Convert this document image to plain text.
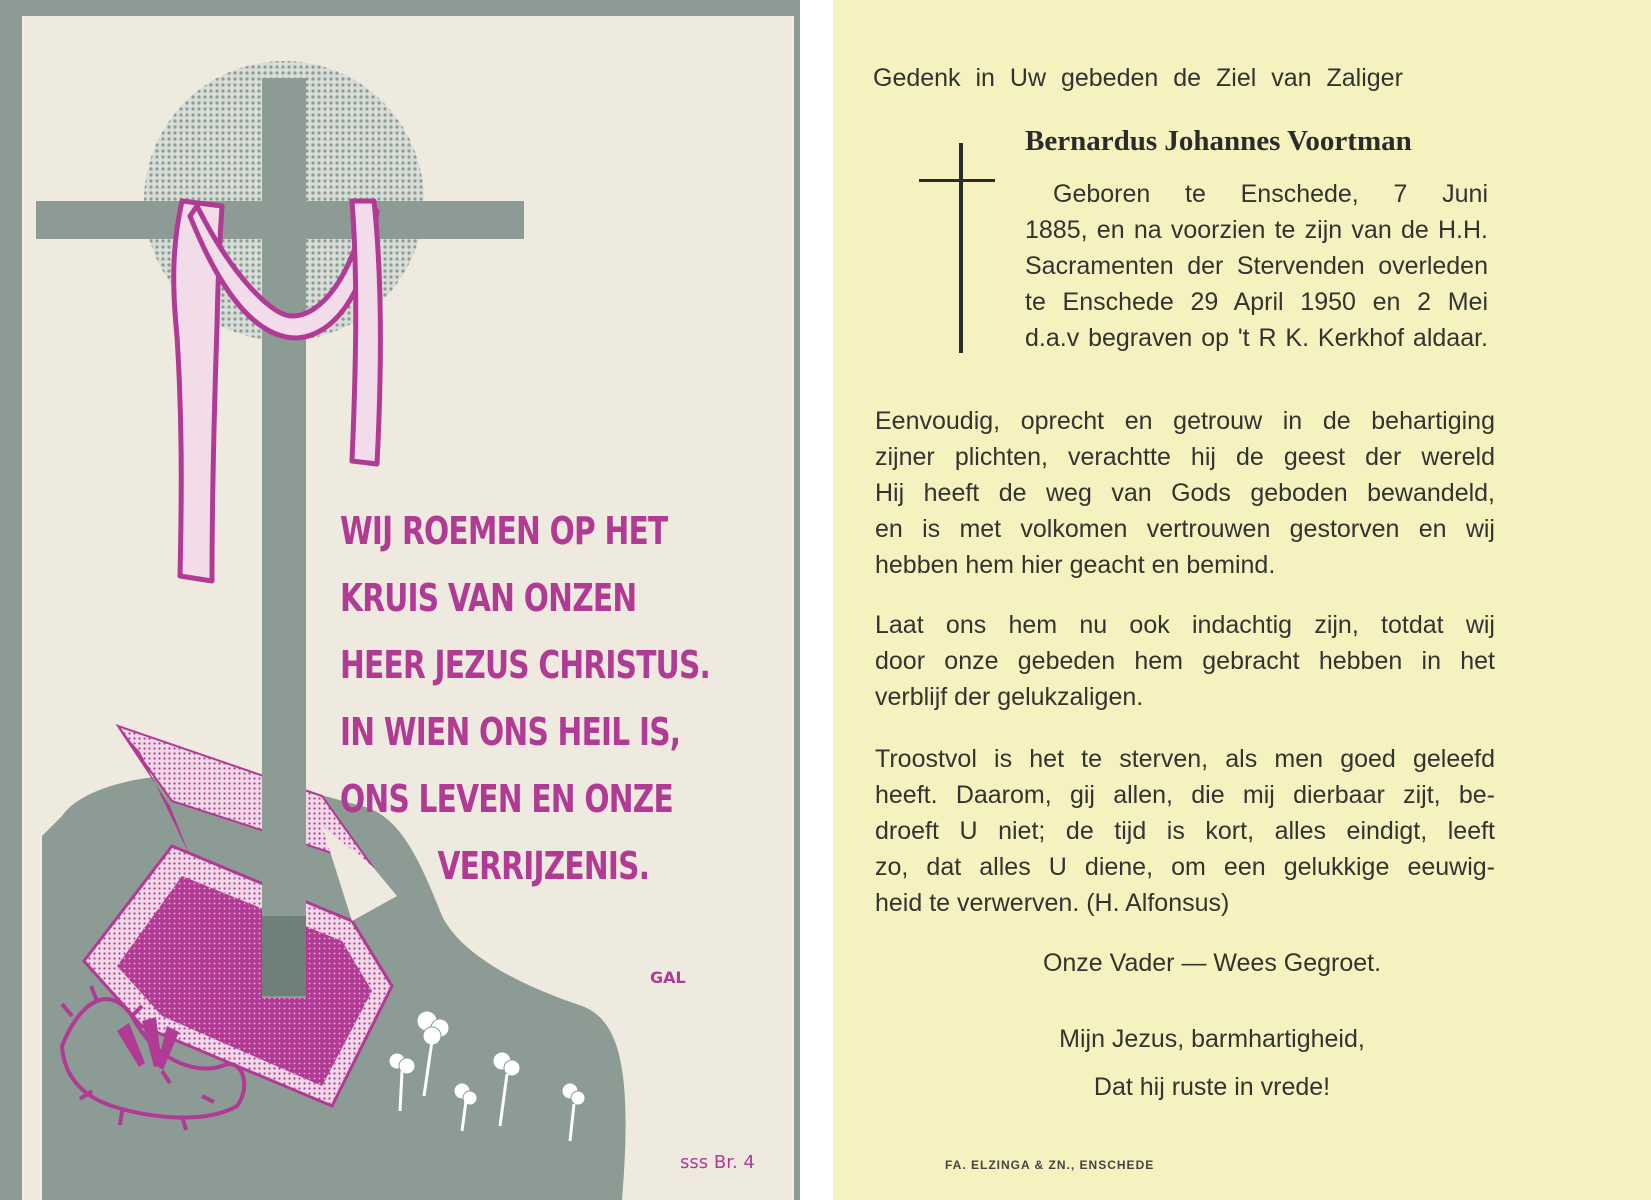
WIJ ROEMEN OP HET
KRUIS VAN ONZEN
HEER JEZUS CHRISTUS.
IN WIEN ONS HEIL IS,
ONS LEVEN EN ONZE
VERRIJZENIS.
GAL
sss Br. 4
Gedenk in Uw gebeden de Ziel van Zaliger
Bernardus Johannes Voortman
Geboren te Enschede, 7 Juni
1885, en na voorzien te zijn van de H.H.
Sacramenten der Stervenden overleden
te Enschede 29 April 1950 en 2 Mei
d.a.v begraven op 't R K. Kerkhof aldaar.
Eenvoudig, oprecht en getrouw in de behartiging
zijner plichten, verachtte hij de geest der wereld
Hij heeft de weg van Gods geboden bewandeld,
en is met volkomen vertrouwen gestorven en wij
hebben hem hier geacht en bemind.
Laat ons hem nu ook indachtig zijn, totdat wij
door onze gebeden hem gebracht hebben in het
verblijf der gelukzaligen.
Troostvol is het te sterven, als men goed geleefd
heeft. Daarom, gij allen, die mij dierbaar zijt, be-
droeft U niet; de tijd is kort, alles eindigt, leeft
zo, dat alles U diene, om een gelukkige eeuwig-
heid te verwerven. (H. Alfonsus)
Onze Vader — Wees Gegroet.
Mijn Jezus, barmhartigheid,
Dat hij ruste in vrede!
FA. ELZINGA & ZN., ENSCHEDE
